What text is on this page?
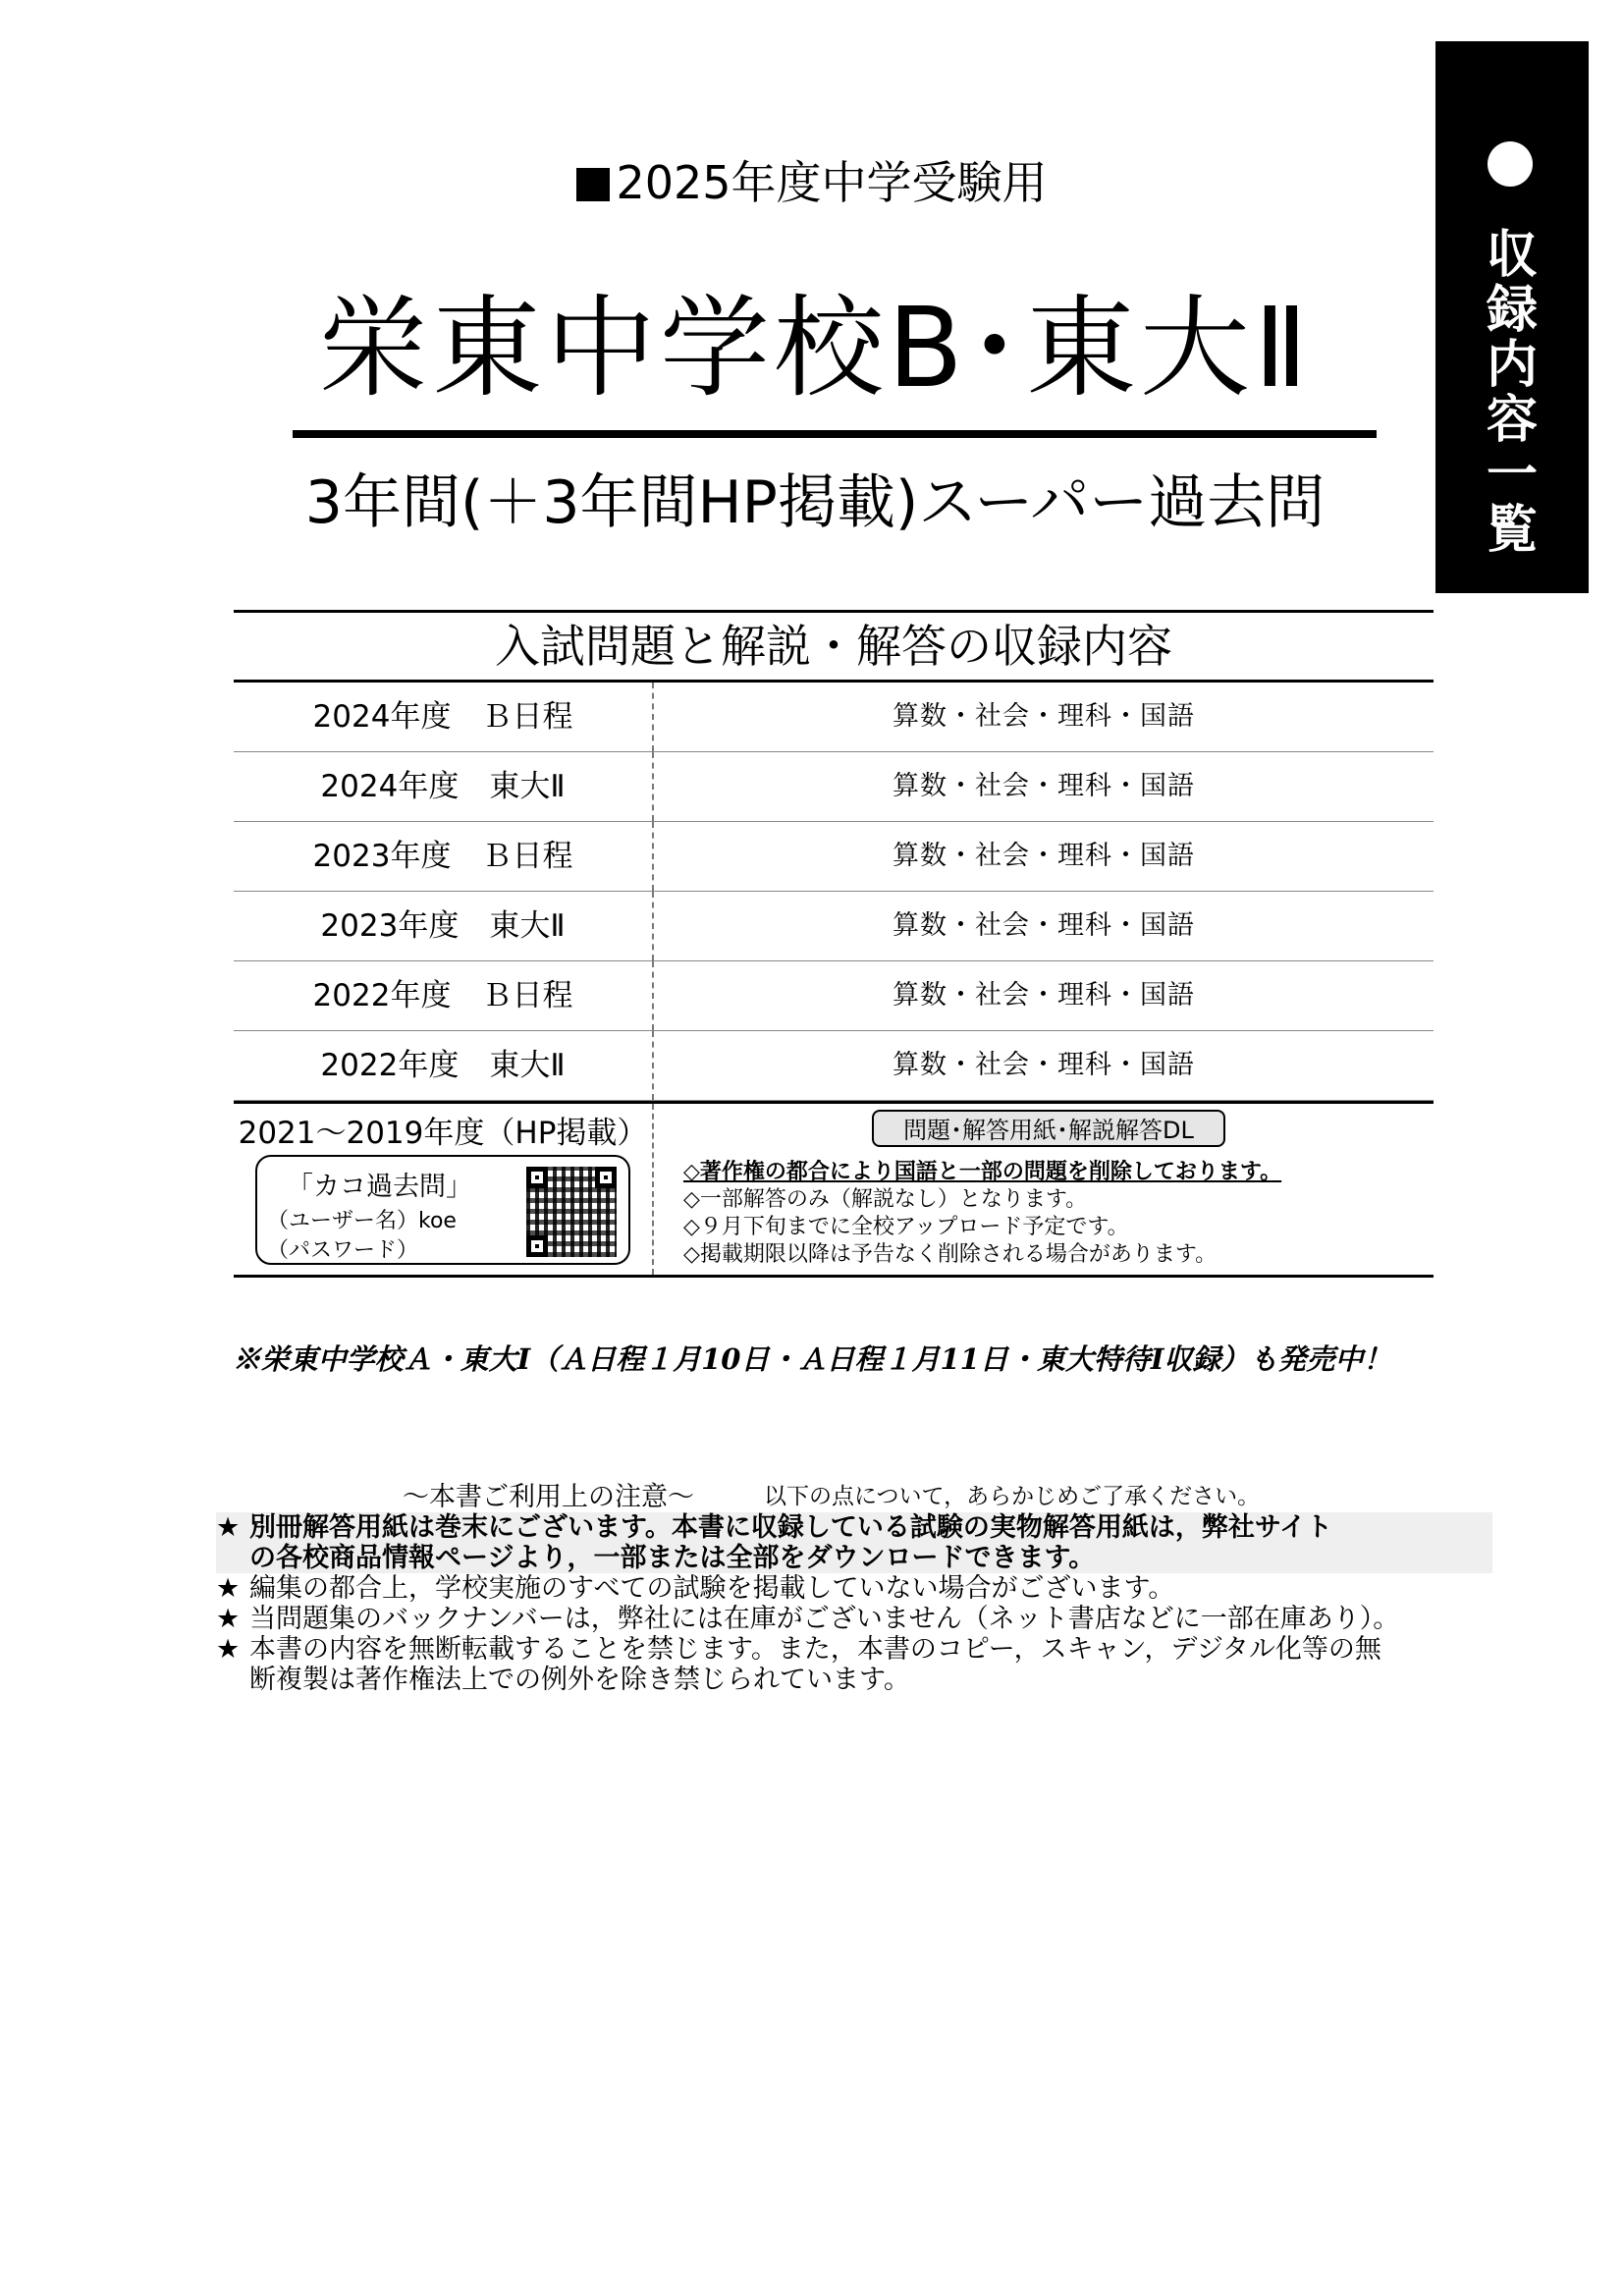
収
録
内
容
一
覧
2025年度中学受験用
栄東中学校B･東大Ⅱ
3年間(＋3年間HP掲載)スーパー過去問
入試問題と解説・解答の収録内容
2024年度　Ｂ日程	算数・社会・理科・国語
2024年度　東大Ⅱ	算数・社会・理科・国語
2023年度　Ｂ日程	算数・社会・理科・国語
2023年度　東大Ⅱ	算数・社会・理科・国語
2022年度　Ｂ日程	算数・社会・理科・国語
2022年度　東大Ⅱ	算数・社会・理科・国語
2021～2019年度（HP掲載）
「カコ過去問」
（ユーザー名）koe
（パスワード）
問題･解答用紙･解説解答DL
◇著作権の都合により国語と一部の問題を削除しております。
◇一部解答のみ（解説なし）となります。
◇９月下旬までに全校アップロード予定です。
◇掲載期限以降は予告なく削除される場合があります。
※栄東中学校Ａ・東大Ⅰ（Ａ日程１月10日・Ａ日程１月11日・東大特待Ⅰ収録）も発売中！
～本書ご利用上の注意～	以下の点について，あらかじめご了承ください。
★ 別冊解答用紙は巻末にございます。本書に収録している試験の実物解答用紙は，弊社サイト
の各校商品情報ページより，一部または全部をダウンロードできます。
★ 編集の都合上，学校実施のすべての試験を掲載していない場合がございます。
★ 当問題集のバックナンバーは，弊社には在庫がございません（ネット書店などに一部在庫あり）。
★ 本書の内容を無断転載することを禁じます。また，本書のコピー，スキャン，デジタル化等の無
断複製は著作権法上での例外を除き禁じられています。
